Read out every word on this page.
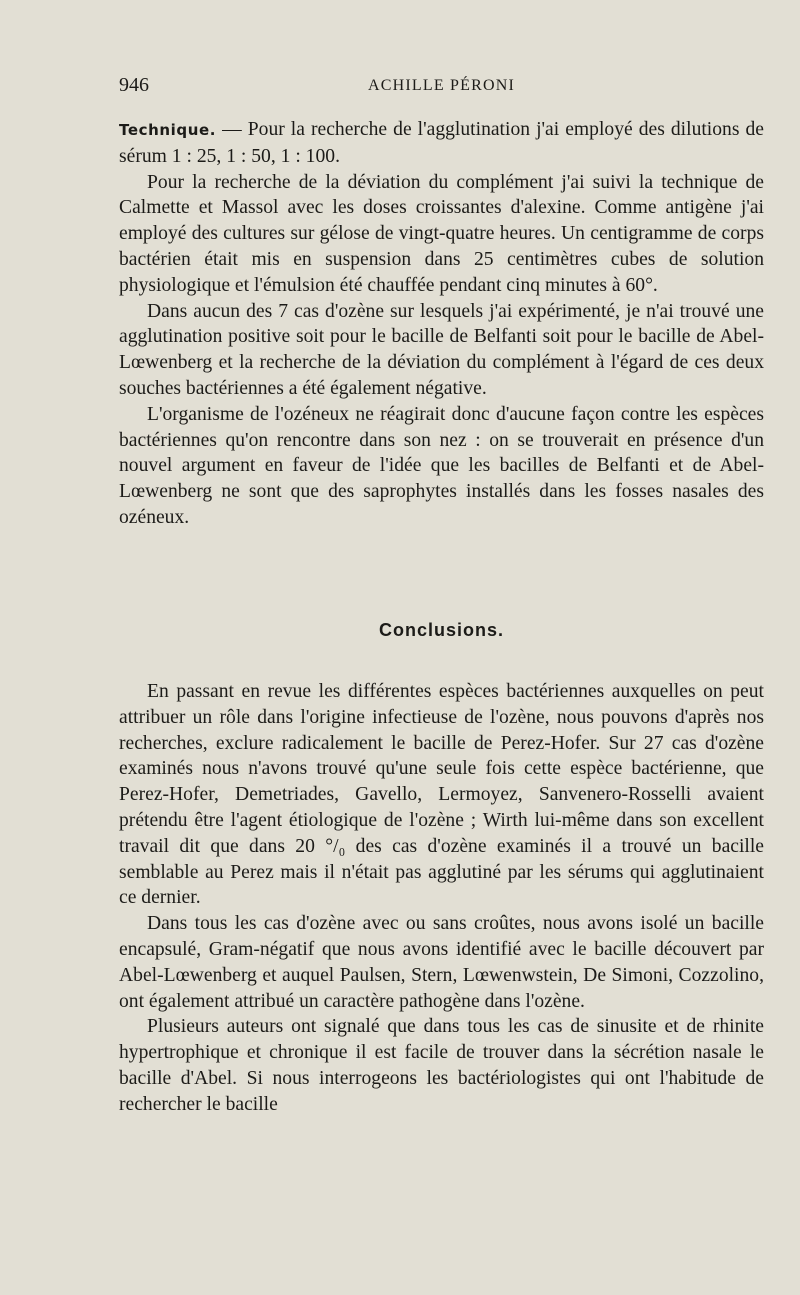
946	ACHILLE PÉRONI

Technique. — Pour la recherche de l'agglutination j'ai employé des dilutions de sérum 1 : 25, 1 : 50, 1 : 100.

Pour la recherche de la déviation du complément j'ai suivi la technique de Calmette et Massol avec les doses croissantes d'alexine. Comme antigène j'ai employé des cultures sur gélose de vingt-quatre heures. Un centigramme de corps bactérien était mis en suspension dans 25 centimètres cubes de solution physiologique et l'émulsion été chauffée pendant cinq minutes à 60°.

Dans aucun des 7 cas d'ozène sur lesquels j'ai expérimenté, je n'ai trouvé une agglutination positive soit pour le bacille de Belfanti soit pour le bacille de Abel-Lœwenberg et la recherche de la déviation du complément à l'égard de ces deux souches bactériennes a été également négative.

L'organisme de l'ozéneux ne réagirait donc d'aucune façon contre les espèces bactériennes qu'on rencontre dans son nez : on se trouverait en présence d'un nouvel argument en faveur de l'idée que les bacilles de Belfanti et de Abel-Lœwenberg ne sont que des saprophytes installés dans les fosses nasales des ozéneux.

Conclusions.

En passant en revue les différentes espèces bactériennes auxquelles on peut attribuer un rôle dans l'origine infectieuse de l'ozène, nous pouvons d'après nos recherches, exclure radicalement le bacille de Perez-Hofer. Sur 27 cas d'ozène examinés nous n'avons trouvé qu'une seule fois cette espèce bactérienne, que Perez-Hofer, Demetriades, Gavello, Lermoyez, Sanvenero-Rosselli avaient prétendu être l'agent étiologique de l'ozène ; Wirth lui-même dans son excellent travail dit que dans 20 °/₀ des cas d'ozène examinés il a trouvé un bacille semblable au Perez mais il n'était pas agglutiné par les sérums qui agglutinaient ce dernier.

Dans tous les cas d'ozène avec ou sans croûtes, nous avons isolé un bacille encapsulé, Gram-négatif que nous avons identifié avec le bacille découvert par Abel-Lœwenberg et auquel Paulsen, Stern, Lœwenwstein, De Simoni, Cozzolino, ont également attribué un caractère pathogène dans l'ozène.

Plusieurs auteurs ont signalé que dans tous les cas de sinusite et de rhinite hypertrophique et chronique il est facile de trouver dans la sécrétion nasale le bacille d'Abel. Si nous interrogeons les bactériologistes qui ont l'habitude de rechercher le bacille
